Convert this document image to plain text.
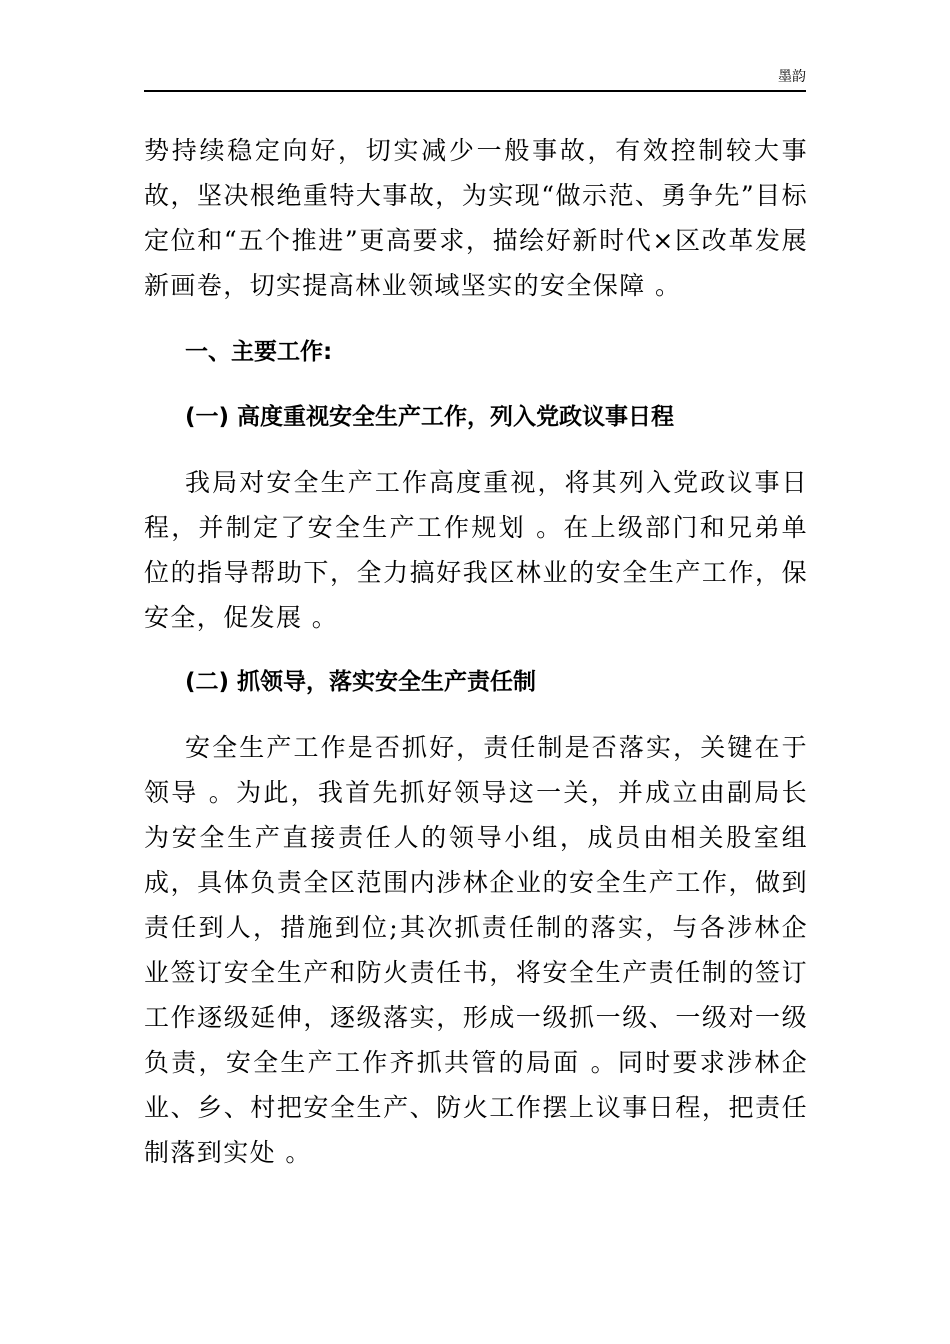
墨韵

势持续稳定向好，切实减少一般事故，有效控制较大事故，坚决根绝重特大事故，为实现“做示范、勇争先”目标定位和“五个推进”更高要求，描绘好新时代×区改革发展新画卷，切实提高林业领域坚实的安全保障 。

一、主要工作:
(一) 高度重视安全生产工作，列入党政议事日程

我局对安全生产工作高度重视，将其列入党政议事日程，并制定了安全生产工作规划 。在上级部门和兄弟单位的指导帮助下，全力搞好我区林业的安全生产工作，保安全，促发展 。

(二) 抓领导，落实安全生产责任制

安全生产工作是否抓好，责任制是否落实，关键在于领导 。为此，我首先抓好领导这一关，并成立由副局长为安全生产直接责任人的领导小组，成员由相关股室组成，具体负责全区范围内涉林企业的安全生产工作，做到责任到人，措施到位;其次抓责任制的落实，与各涉林企业签订安全生产和防火责任书，将安全生产责任制的签订工作逐级延伸，逐级落实，形成一级抓一级、一级对一级负责，安全生产工作齐抓共管的局面 。同时要求涉林企业、乡、村把安全生产、防火工作摆上议事日程，把责任制落到实处 。
